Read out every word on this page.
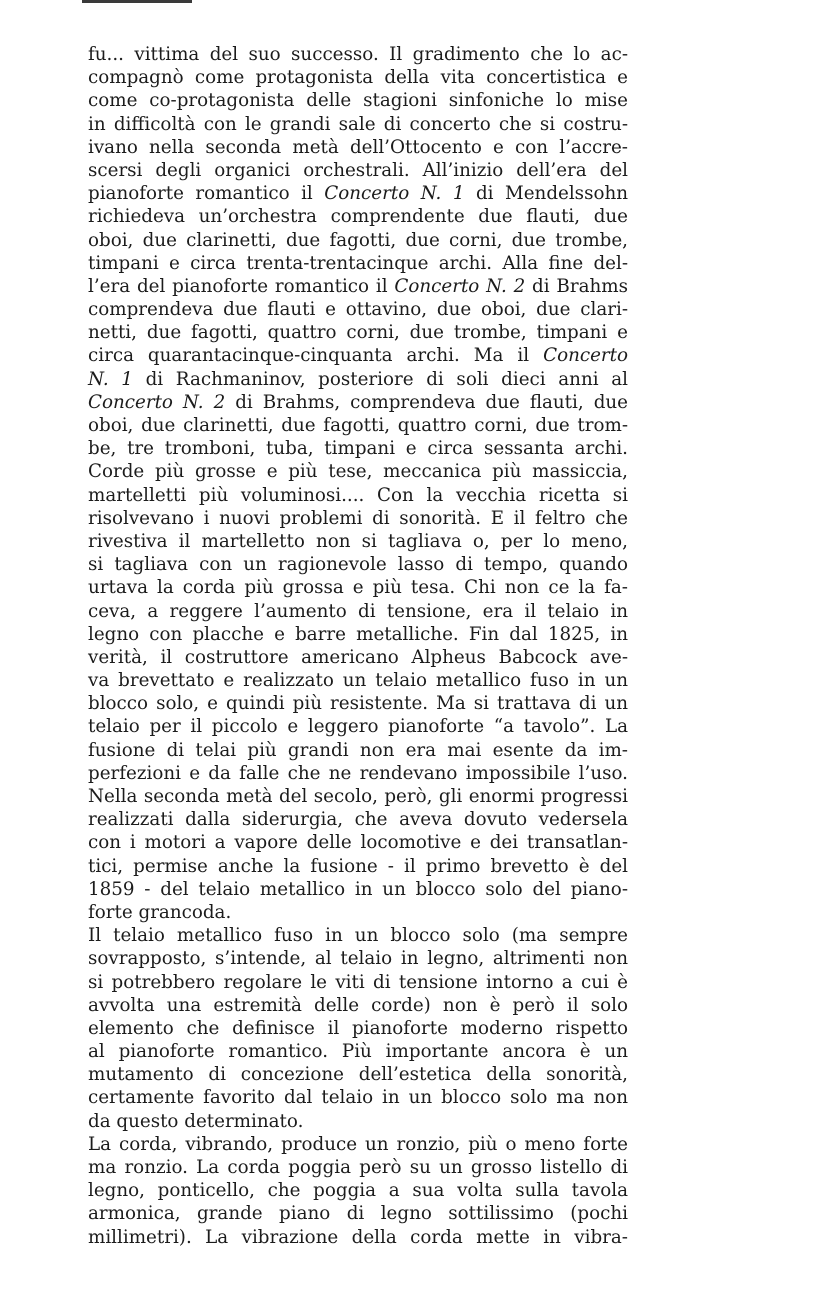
fu... vittima del suo successo. Il gradimento che lo ac-
compagnò come protagonista della vita concertistica e
come co-protagonista delle stagioni sinfoniche lo mise
in difficoltà con le grandi sale di concerto che si costru-
ivano nella seconda metà dell’Ottocento e con l’accre-
scersi degli organici orchestrali. All’inizio dell’era del
pianoforte romantico il Concerto N. 1 di Mendelssohn
richiedeva un’orchestra comprendente due flauti, due
oboi, due clarinetti, due fagotti, due corni, due trombe,
timpani e circa trenta-trentacinque archi. Alla fine del-
l’era del pianoforte romantico il Concerto N. 2 di Brahms
comprendeva due flauti e ottavino, due oboi, due clari-
netti, due fagotti, quattro corni, due trombe, timpani e
circa quarantacinque-cinquanta archi. Ma il Concerto
N. 1 di Rachmaninov, posteriore di soli dieci anni al
Concerto N. 2 di Brahms, comprendeva due flauti, due
oboi, due clarinetti, due fagotti, quattro corni, due trom-
be, tre tromboni, tuba, timpani e circa sessanta archi.
Corde più grosse e più tese, meccanica più massiccia,
martelletti più voluminosi.... Con la vecchia ricetta si
risolvevano i nuovi problemi di sonorità. E il feltro che
rivestiva il martelletto non si tagliava o, per lo meno,
si tagliava con un ragionevole lasso di tempo, quando
urtava la corda più grossa e più tesa. Chi non ce la fa-
ceva, a reggere l’aumento di tensione, era il telaio in
legno con placche e barre metalliche. Fin dal 1825, in
verità, il costruttore americano Alpheus Babcock ave-
va brevettato e realizzato un telaio metallico fuso in un
blocco solo, e quindi più resistente. Ma si trattava di un
telaio per il piccolo e leggero pianoforte “a tavolo”. La
fusione di telai più grandi non era mai esente da im-
perfezioni e da falle che ne rendevano impossibile l’uso.
Nella seconda metà del secolo, però, gli enormi progressi
realizzati dalla siderurgia, che aveva dovuto vedersela
con i motori a vapore delle locomotive e dei transatlan-
tici, permise anche la fusione - il primo brevetto è del
1859 - del telaio metallico in un blocco solo del piano-
forte grancoda.
Il telaio metallico fuso in un blocco solo (ma sempre
sovrapposto, s’intende, al telaio in legno, altrimenti non
si potrebbero regolare le viti di tensione intorno a cui è
avvolta una estremità delle corde) non è però il solo
elemento che definisce il pianoforte moderno rispetto
al pianoforte romantico. Più importante ancora è un
mutamento di concezione dell’estetica della sonorità,
certamente favorito dal telaio in un blocco solo ma non
da questo determinato.
La corda, vibrando, produce un ronzio, più o meno forte
ma ronzio. La corda poggia però su un grosso listello di
legno, ponticello, che poggia a sua volta sulla tavola
armonica, grande piano di legno sottilissimo (pochi
millimetri). La vibrazione della corda mette in vibra-
